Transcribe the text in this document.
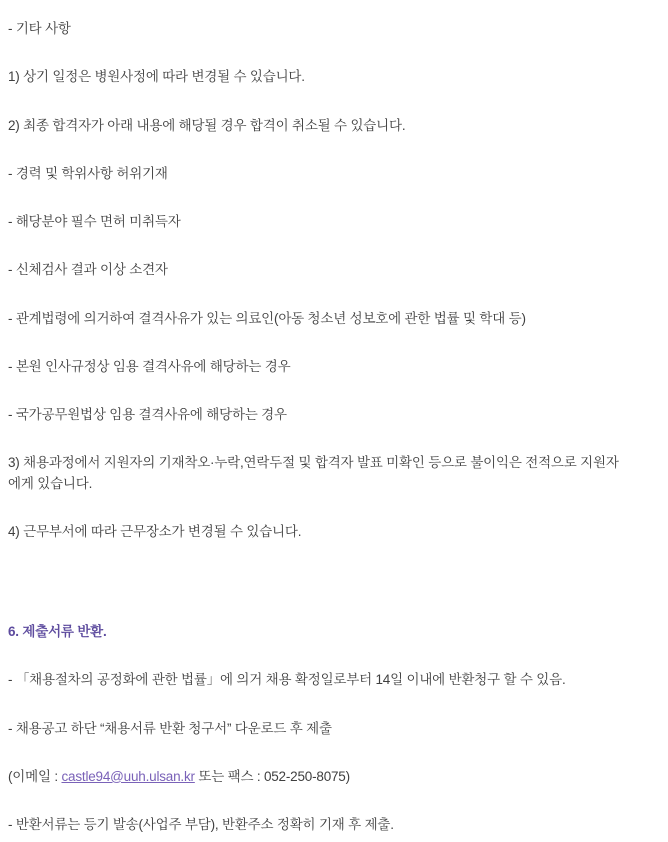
- 기타 사항
1) 상기 일정은 병원사정에 따라 변경될 수 있습니다.
2) 최종 합격자가 아래 내용에 해당될 경우 합격이 취소될 수 있습니다.
- 경력 및 학위사항 허위기재
- 해당분야 필수 면허 미취득자
- 신체검사 결과 이상 소견자
- 관계법령에 의거하여 결격사유가 있는 의료인(아동 청소년 성보호에 관한 법률 및 학대 등)
- 본원 인사규정상 임용 결격사유에 해당하는 경우
- 국가공무원법상 임용 결격사유에 해당하는 경우
3) 채용과정에서 지원자의 기재착오·누락,연락두절 및 합격자 발표 미확인 등으로 불이익은 전적으로 지원자에게 있습니다.
4) 근무부서에 따라 근무장소가 변경될 수 있습니다.
6. 제출서류 반환.
- 「채용절차의 공정화에 관한 법률」에 의거 채용 확정일로부터 14일 이내에 반환청구 할 수 있음.
- 채용공고 하단 “채용서류 반환 청구서” 다운로드 후 제출
(이메일 : castle94@uuh.ulsan.kr 또는 팩스 : 052-250-8075)
- 반환서류는 등기 발송(사업주 부담), 반환주소 정확히 기재 후 제출.
